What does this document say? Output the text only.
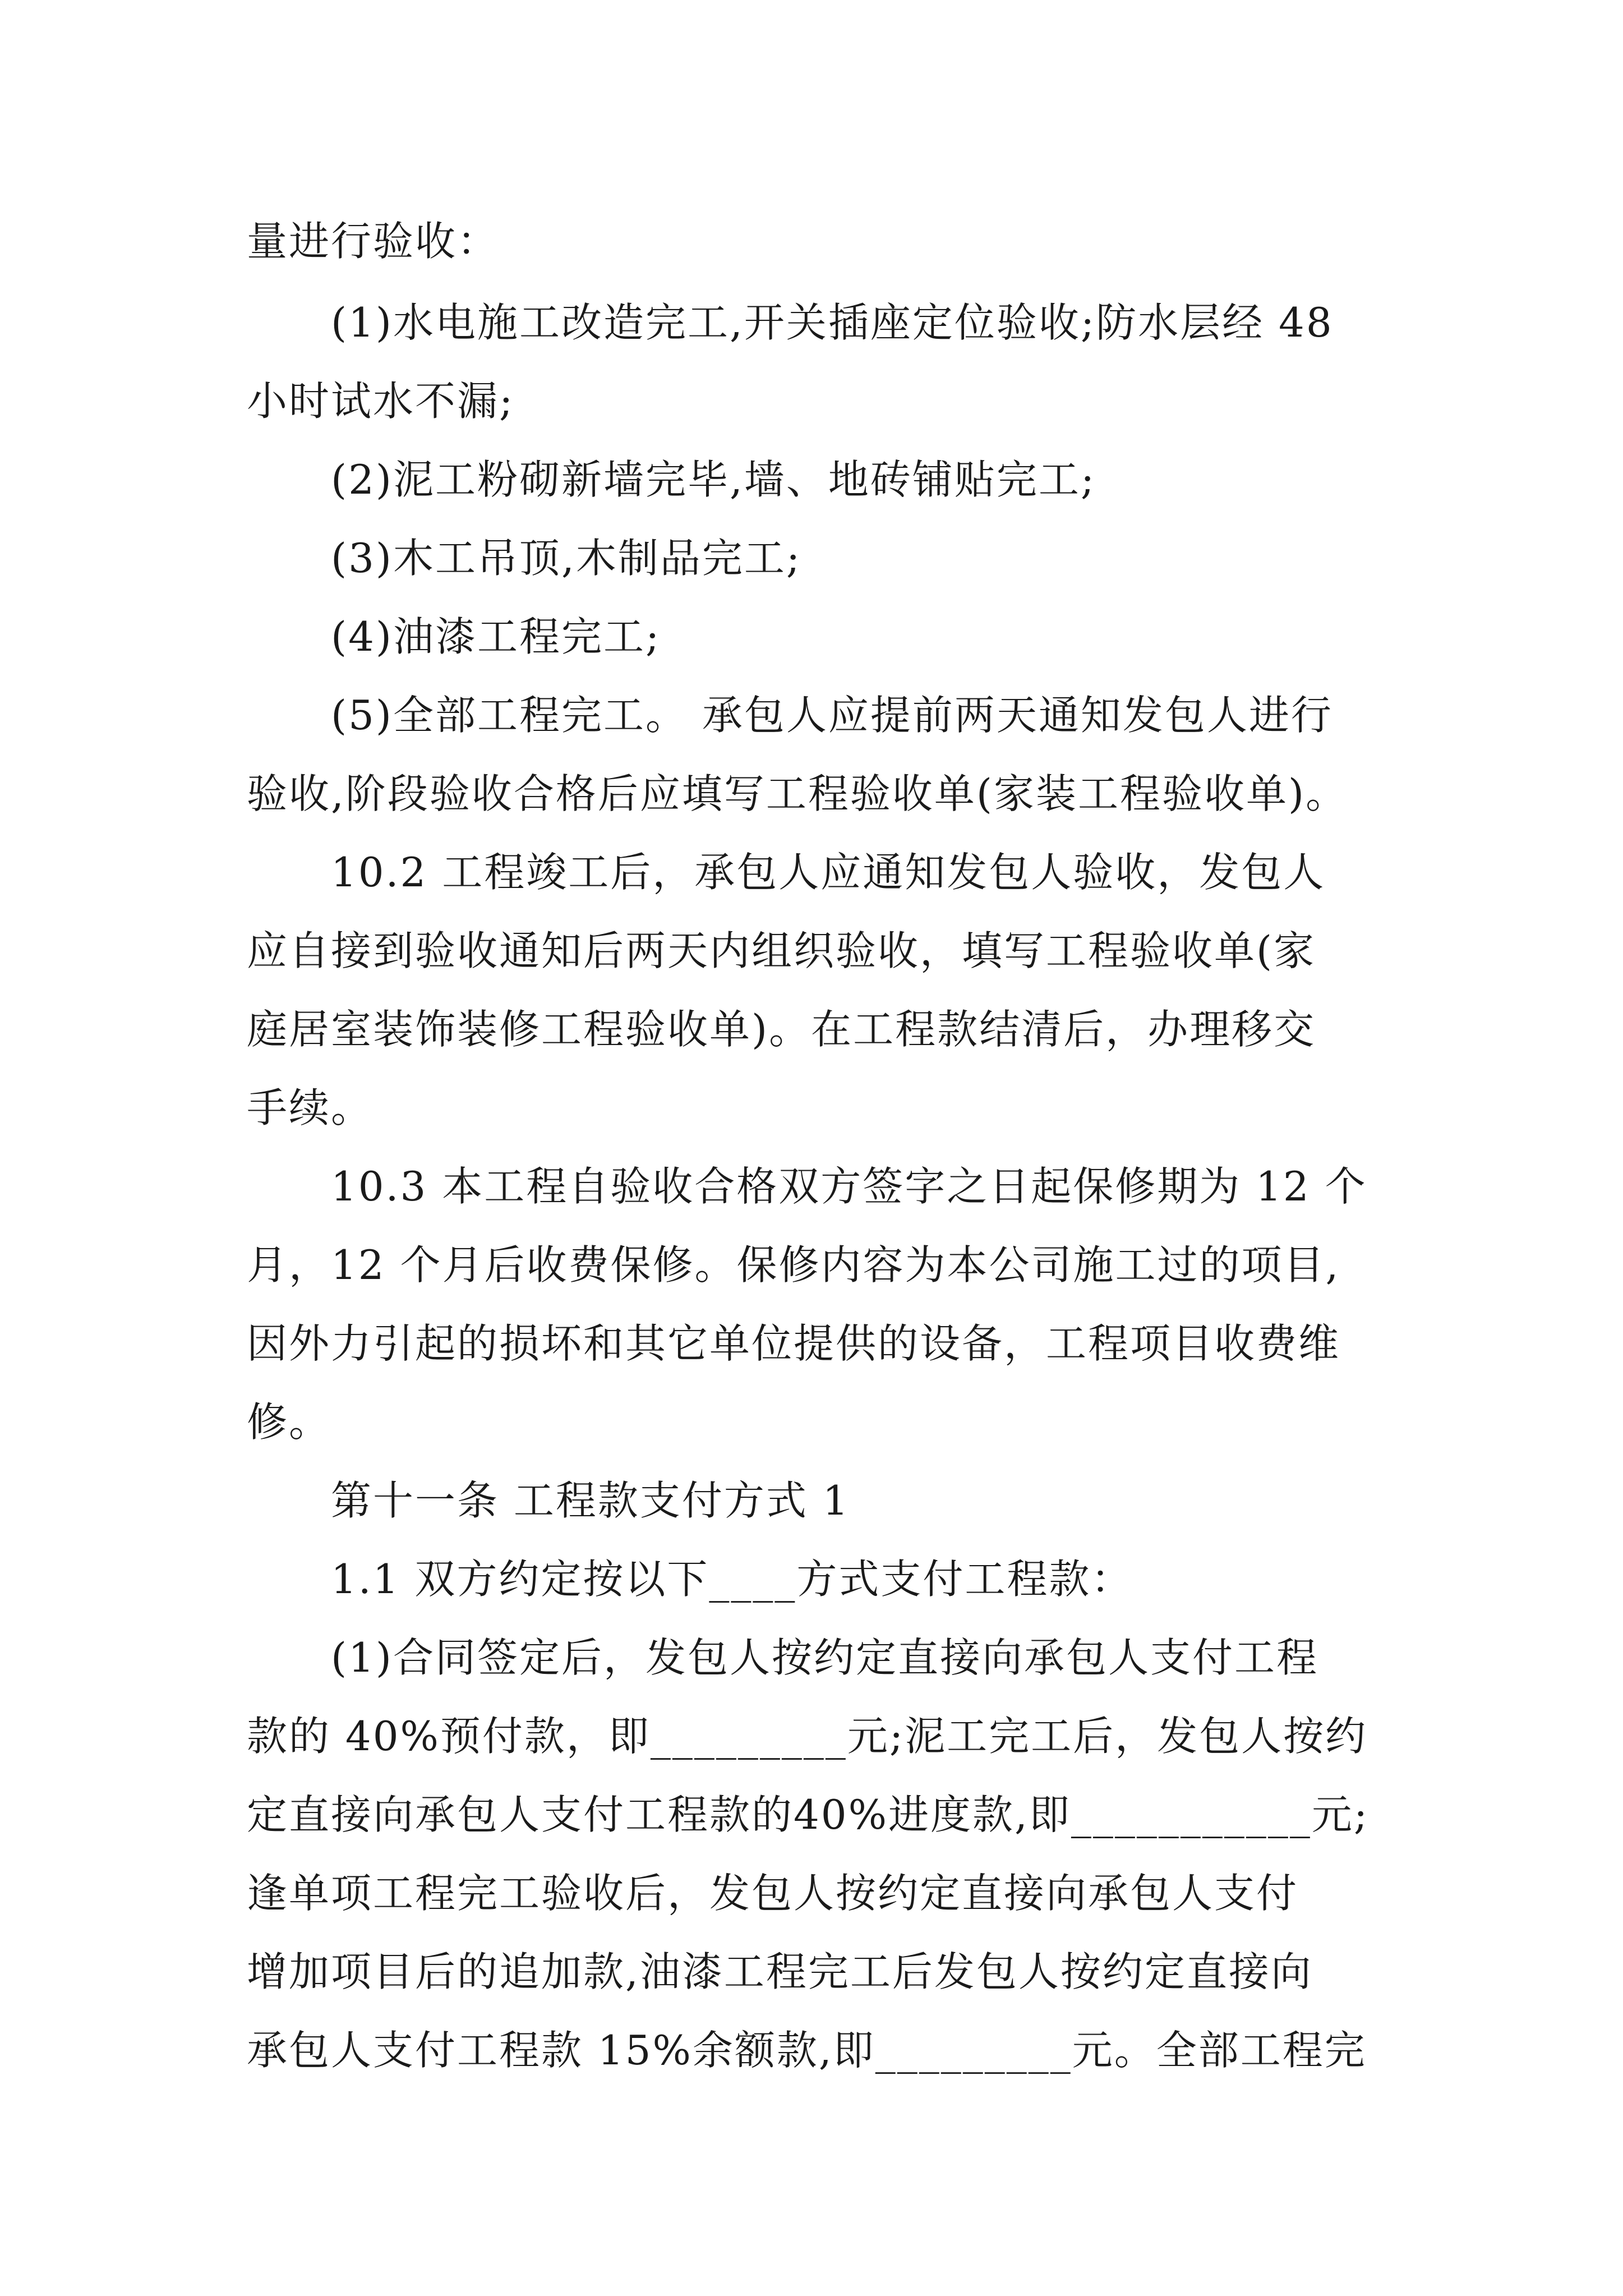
量进行验收：
(1)水电施工改造完工,开关插座定位验收;防水层经 48
小时试水不漏;
(2)泥工粉砌新墙完毕,墙、地砖铺贴完工;
(3)木工吊顶,木制品完工;
(4)油漆工程完工;
(5)全部工程完工。 承包人应提前两天通知发包人进行
验收,阶段验收合格后应填写工程验收单(家装工程验收单)。
10.2 工程竣工后，承包人应通知发包人验收，发包人
应自接到验收通知后两天内组织验收，填写工程验收单(家
庭居室装饰装修工程验收单)。在工程款结清后，办理移交
手续。
10.3 本工程自验收合格双方签字之日起保修期为 12 个
月，12 个月后收费保修。保修内容为本公司施工过的项目,
因外力引起的损坏和其它单位提供的设备，工程项目收费维
修。
第十一条 工程款支付方式 1
1.1 双方约定按以下____方式支付工程款：
(1)合同签定后，发包人按约定直接向承包人支付工程
款的 40%预付款，即_________元;泥工完工后，发包人按约
定直接向承包人支付工程款的40%进度款,即___________元;
逢单项工程完工验收后，发包人按约定直接向承包人支付
增加项目后的追加款,油漆工程完工后发包人按约定直接向
承包人支付工程款 15%余额款,即_________元。全部工程完
